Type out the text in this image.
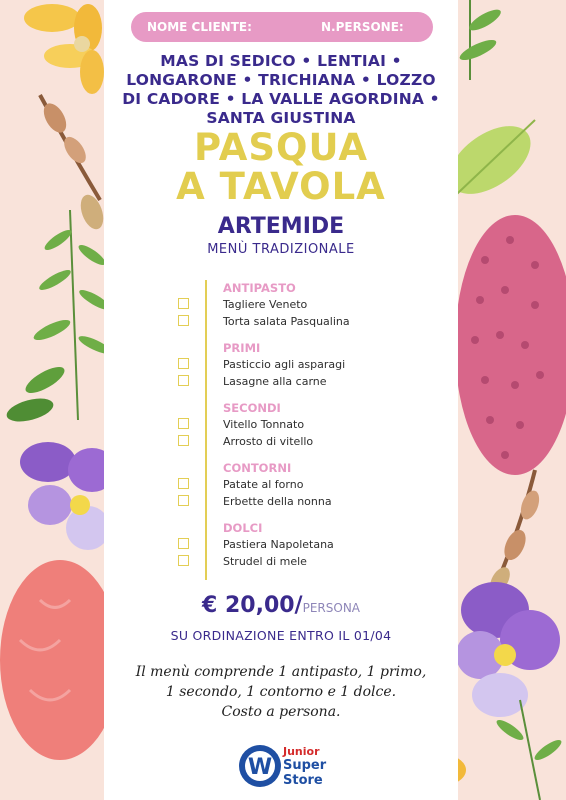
NOME CLIENTE:	N.PERSONE:
MAS DI SEDICO • LENTIAI •
LONGARONE • TRICHIANA • LOZZO
DI CADORE • LA VALLE AGORDINA •
SANTA GIUSTINA
PASQUA
A TAVOLA
ARTEMIDE
MENÙ TRADIZIONALE
ANTIPASTO
Tagliere Veneto
Torta salata Pasqualina
PRIMI
Pasticcio agli asparagi
Lasagne alla carne
SECONDI
Vitello Tonnato
Arrosto di vitello
CONTORNI
Patate al forno
Erbette della nonna
DOLCI
Pastiera Napoletana
Strudel di mele
€ 20,00/PERSONA
SU ORDINAZIONE ENTRO IL 01/04
Il menù comprende 1 antipasto, 1 primo,
1 secondo, 1 contorno e 1 dolce.
Costo a persona.
W
Junior
Super
Store
